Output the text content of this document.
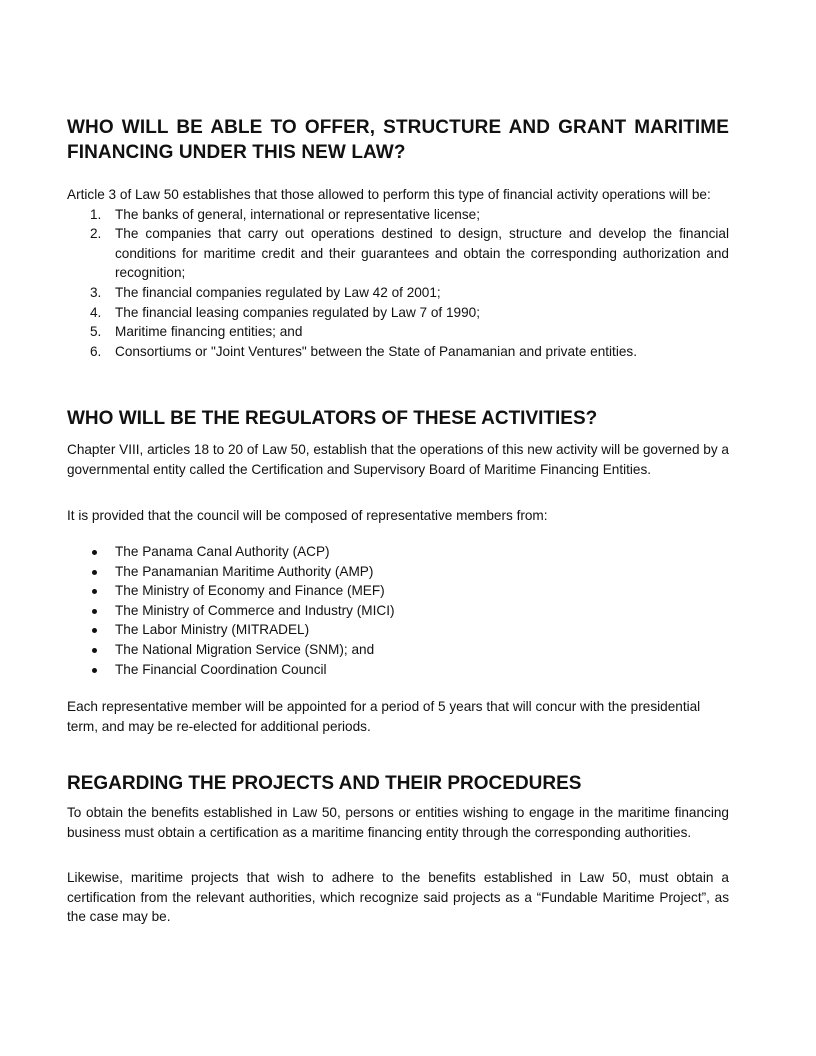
WHO WILL BE ABLE TO OFFER, STRUCTURE AND GRANT MARITIME
FINANCING UNDER THIS NEW LAW?

Article 3 of Law 50 establishes that those allowed to perform this type of financial activity operations will be:

1. The banks of general, international or representative license;
2. The companies that carry out operations destined to design, structure and develop the financial conditions for maritime credit and their guarantees and obtain the corresponding authorization and recognition;
3. The financial companies regulated by Law 42 of 2001;
4. The financial leasing companies regulated by Law 7 of 1990;
5. Maritime financing entities; and
6. Consortiums or "Joint Ventures" between the State of Panamanian and private entities.
WHO WILL BE THE REGULATORS OF THESE ACTIVITIES?

Chapter VIII, articles 18 to 20 of Law 50, establish that the operations of this new activity will be governed by a governmental entity called the Certification and Supervisory Board of Maritime Financing Entities.

It is provided that the council will be composed of representative members from:

The Panama Canal Authority (ACP)
The Panamanian Maritime Authority (AMP)
The Ministry of Economy and Finance (MEF)
The Ministry of Commerce and Industry (MICI)
The Labor Ministry (MITRADEL)
The National Migration Service (SNM); and
The Financial Coordination Council

Each representative member will be appointed for a period of 5 years that will concur with the presidential term, and may be re-elected for additional periods.

REGARDING THE PROJECTS AND THEIR PROCEDURES

To obtain the benefits established in Law 50, persons or entities wishing to engage in the maritime financing business must obtain a certification as a maritime financing entity through the corresponding authorities.

Likewise, maritime projects that wish to adhere to the benefits established in Law 50, must obtain a certification from the relevant authorities, which recognize said projects as a “Fundable Maritime Project”, as the case may be.
